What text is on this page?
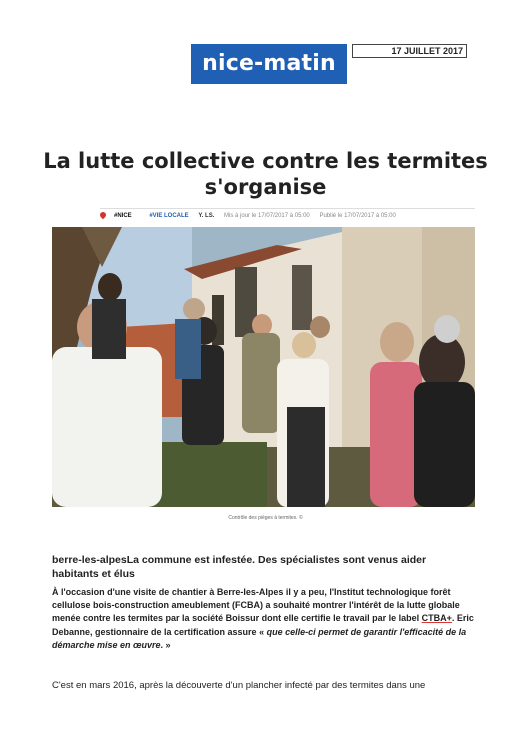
nice-matin	17 JUILLET 2017
La lutte collective contre les termites s'organise
#NICE	#VIE LOCALE Y. LS. Mis à jour le 17/07/2017 à 05:00 Publié le 17/07/2017 à 05:00
Contrôle des pièges à termites. ©
berre-les-alpesLa commune est infestée. Des spécialistes sont venus aider habitants et élus
À l'occasion d'une visite de chantier à Berre-les-Alpes il y a peu, l'Institut technologique forêt cellulose bois-construction ameublement (FCBA) a souhaité montrer l'intérêt de la lutte globale menée contre les termites par la société Boissur dont elle certifie le travail par le label CTBA+. Eric Debanne, gestionnaire de la certification assure « que celle-ci permet de garantir l'efficacité de la démarche mise en œuvre. »
C'est en mars 2016, après la découverte d'un plancher infecté par des termites dans une
